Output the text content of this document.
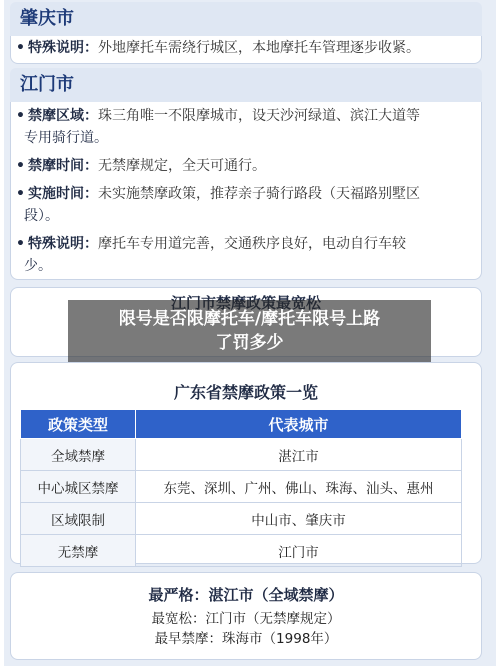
肇庆市
• 特殊说明：外地摩托车需绕行城区，本地摩托车管理逐步收紧。
江门市
• 禁摩区域：珠三角唯一不限摩城市，设天沙河绿道、滨江大道等
专用骑行道。
• 禁摩时间：无禁摩规定，全天可通行。
• 实施时间：未实施禁摩政策，推荐亲子骑行路段（天福路别墅区
段）。
• 特殊说明：摩托车专用道完善，交通秩序良好，电动自行车较
少。
广东省禁摩政策一览
政策类型	代表城市
全域禁摩	湛江市
中心城区禁摩	东莞、深圳、广州、佛山、珠海、汕头、惠州
区域限制	中山市、肇庆市
无禁摩	江门市
最严格：湛江市（全域禁摩）
最宽松：江门市（无禁摩规定）
最早禁摩：珠海市（1998年）
限号是否限摩托车/摩托车限号上路
了罚多少
